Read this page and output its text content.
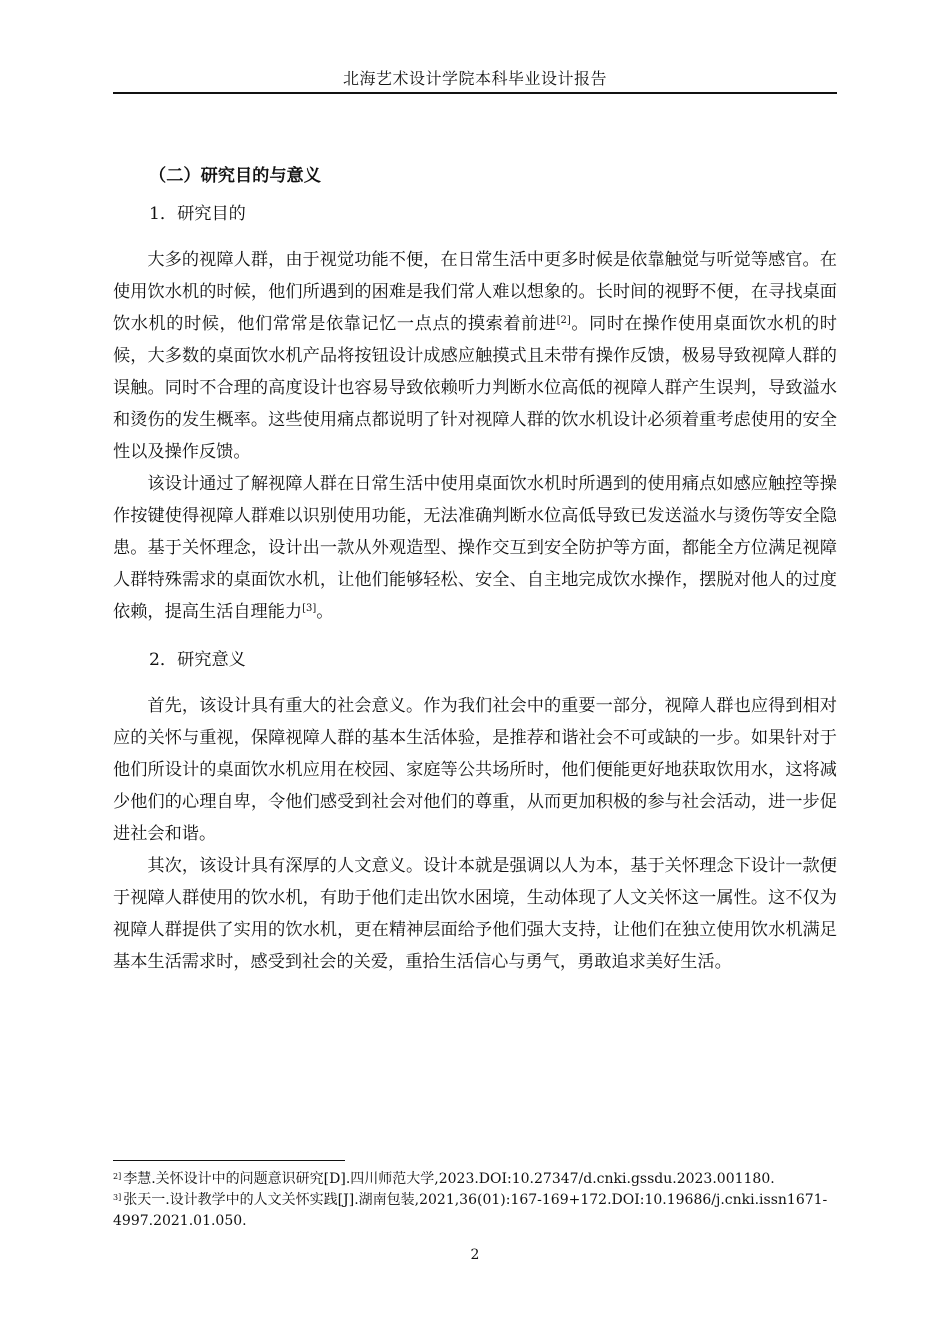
北海艺术设计学院本科毕业设计报告
（二）研究目的与意义
1．研究目的

大多的视障人群，由于视觉功能不便，在日常生活中更多时候是依靠触觉与听觉等感官。在使用饮水机的时候，他们所遇到的困难是我们常人难以想象的。长时间的视野不便，在寻找桌面饮水机的时候，他们常常是依靠记忆一点点的摸索着前进[2]。同时在操作使用桌面饮水机的时候，大多数的桌面饮水机产品将按钮设计成感应触摸式且未带有操作反馈，极易导致视障人群的误触。同时不合理的高度设计也容易导致依赖听力判断水位高低的视障人群产生误判，导致溢水和烫伤的发生概率。这些使用痛点都说明了针对视障人群的饮水机设计必须着重考虑使用的安全性以及操作反馈。

该设计通过了解视障人群在日常生活中使用桌面饮水机时所遇到的使用痛点如感应触控等操作按键使得视障人群难以识别使用功能，无法准确判断水位高低导致已发送溢水与烫伤等安全隐患。基于关怀理念，设计出一款从外观造型、操作交互到安全防护等方面，都能全方位满足视障人群特殊需求的桌面饮水机，让他们能够轻松、安全、自主地完成饮水操作，摆脱对他人的过度依赖，提高生活自理能力[3]。

2．研究意义

首先，该设计具有重大的社会意义。作为我们社会中的重要一部分，视障人群也应得到相对应的关怀与重视，保障视障人群的基本生活体验，是推荐和谐社会不可或缺的一步。如果针对于他们所设计的桌面饮水机应用在校园、家庭等公共场所时，他们便能更好地获取饮用水，这将减少他们的心理自卑，令他们感受到社会对他们的尊重，从而更加积极的参与社会活动，进一步促进社会和谐。

其次，该设计具有深厚的人文意义。设计本就是强调以人为本，基于关怀理念下设计一款便于视障人群使用的饮水机，有助于他们走出饮水困境，生动体现了人文关怀这一属性。这不仅为视障人群提供了实用的饮水机，更在精神层面给予他们强大支持，让他们在独立使用饮水机满足基本生活需求时，感受到社会的关爱，重拾生活信心与勇气，勇敢追求美好生活。

$^{2]}$ 李慧.关怀设计中的问题意识研究[D].四川师范大学,2023.DOI:10.27347/d.cnki.gssdu.2023.001180.
$^{3]}$ 张天一.设计教学中的人文关怀实践[J].湖南包装,2021,36(01):167-169+172.DOI:10.19686/j.cnki.issn1671-4997.2021.01.050.
2
